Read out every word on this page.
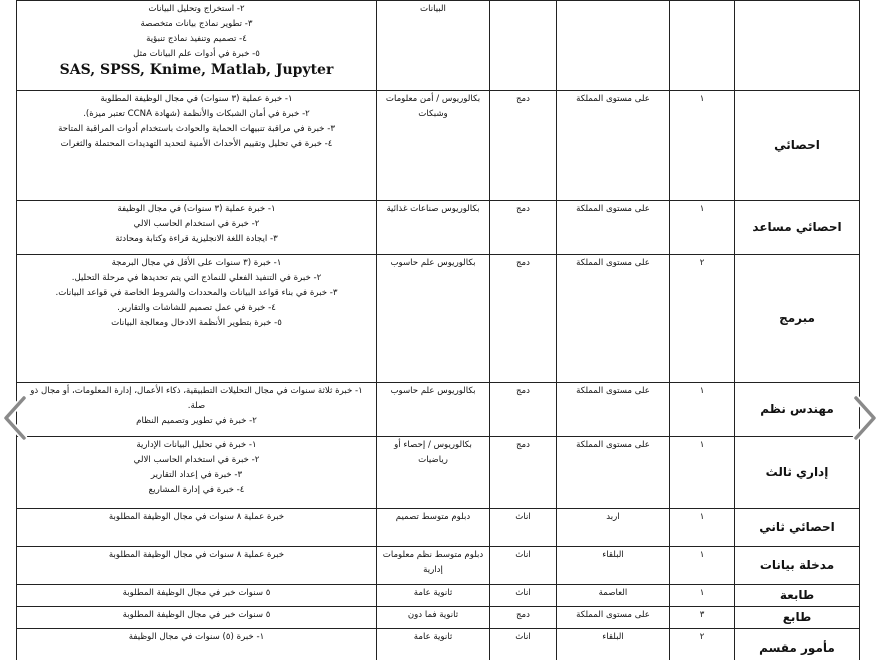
				البيانات	٢- استخراج وتحليل البيانات
٣- تطوير نماذج بيانات متخصصة
٤- تصميم وتنفيذ نماذج تنبؤية
٥- خبرة في أدوات علم البيانات مثل
SAS, SPSS, Knime, Matlab, Jupyter
احصائي	١	على مستوى المملكة	دمج	بكالوريوس / أمن معلومات وشبكات	١- خبرة عملية (٣ سنوات) في مجال الوظيفة المطلوبة
٢- خبرة في أمان الشبكات والأنظمة (شهادة CCNA تعتبر ميزة).
٣- خبرة في مراقبة تنبيهات الحماية والحوادث باستخدام أدوات المراقبة المتاحة
٤- خبرة في تحليل وتقييم الأحداث الأمنية لتحديد التهديدات المحتملة والثغرات

احصائي مساعد	١	على مستوى المملكة	دمج	بكالوريوس صناعات غذائية	١- خبرة عملية (٣ سنوات) في مجال الوظيفة
٢- خبرة في استخدام الحاسب الالي
٣- ايجادة اللغة الانجليزية قراءة وكتابة ومحادثة

مبرمج	٢	على مستوى المملكة	دمج	بكالوريوس علم حاسوب	١- خبرة (٣ سنوات على الأقل في مجال البرمجة
٢- خبرة في التنفيذ الفعلي للنماذج التي يتم تحديدها في مرحلة التحليل.
٣- خبرة في بناء قواعد البيانات والمحددات والشروط الخاصة في قواعد البيانات.
٤- خبرة في عمل تصميم للشاشات والتقارير.
٥- خبرة بتطوير الأنظمة الادخال ومعالجة البيانات

مهندس نظم	١	على مستوى المملكة	دمج	بكالوريوس علم حاسوب	١- خبرة ثلاثة سنوات في مجال التحليلات التطبيقية، ذكاء الأعمال، إدارة المعلومات، أو مجال ذو صلة.
٢- خبرة في تطوير وتصميم النظام

إداري ثالث	١	على مستوى المملكة	دمج	بكالوريوس / إحصاء أو رياضيات	١- خبرة في تحليل البيانات الإدارية
٢- خبرة في استخدام الحاسب الالي
٣- خبرة في إعداد التقارير
٤- خبرة في إدارة المشاريع

احصائي ثاني	١	اربد	اناث	دبلوم متوسط تصميم	خبرة عملية ٨ سنوات في مجال الوظيفة المطلوبة

مدخلة بيانات	١	البلقاء	اناث	دبلوم متوسط نظم معلومات إدارية	خبرة عملية ٨ سنوات في مجال الوظيفة المطلوبة

طابعة	١	العاصمة	اناث	ثانوية عامة	٥ سنوات خبر في مجال الوظيفة المطلوبة

طابع	٣	على مستوى المملكة	دمج	ثانوية فما دون	٥ سنوات خبر في مجال الوظيفة المطلوبة

مأمور مقسم	٢	البلقاء	اناث	ثانوية عامة	١- خبرة (٥) سنوات في مجال الوظيفة
